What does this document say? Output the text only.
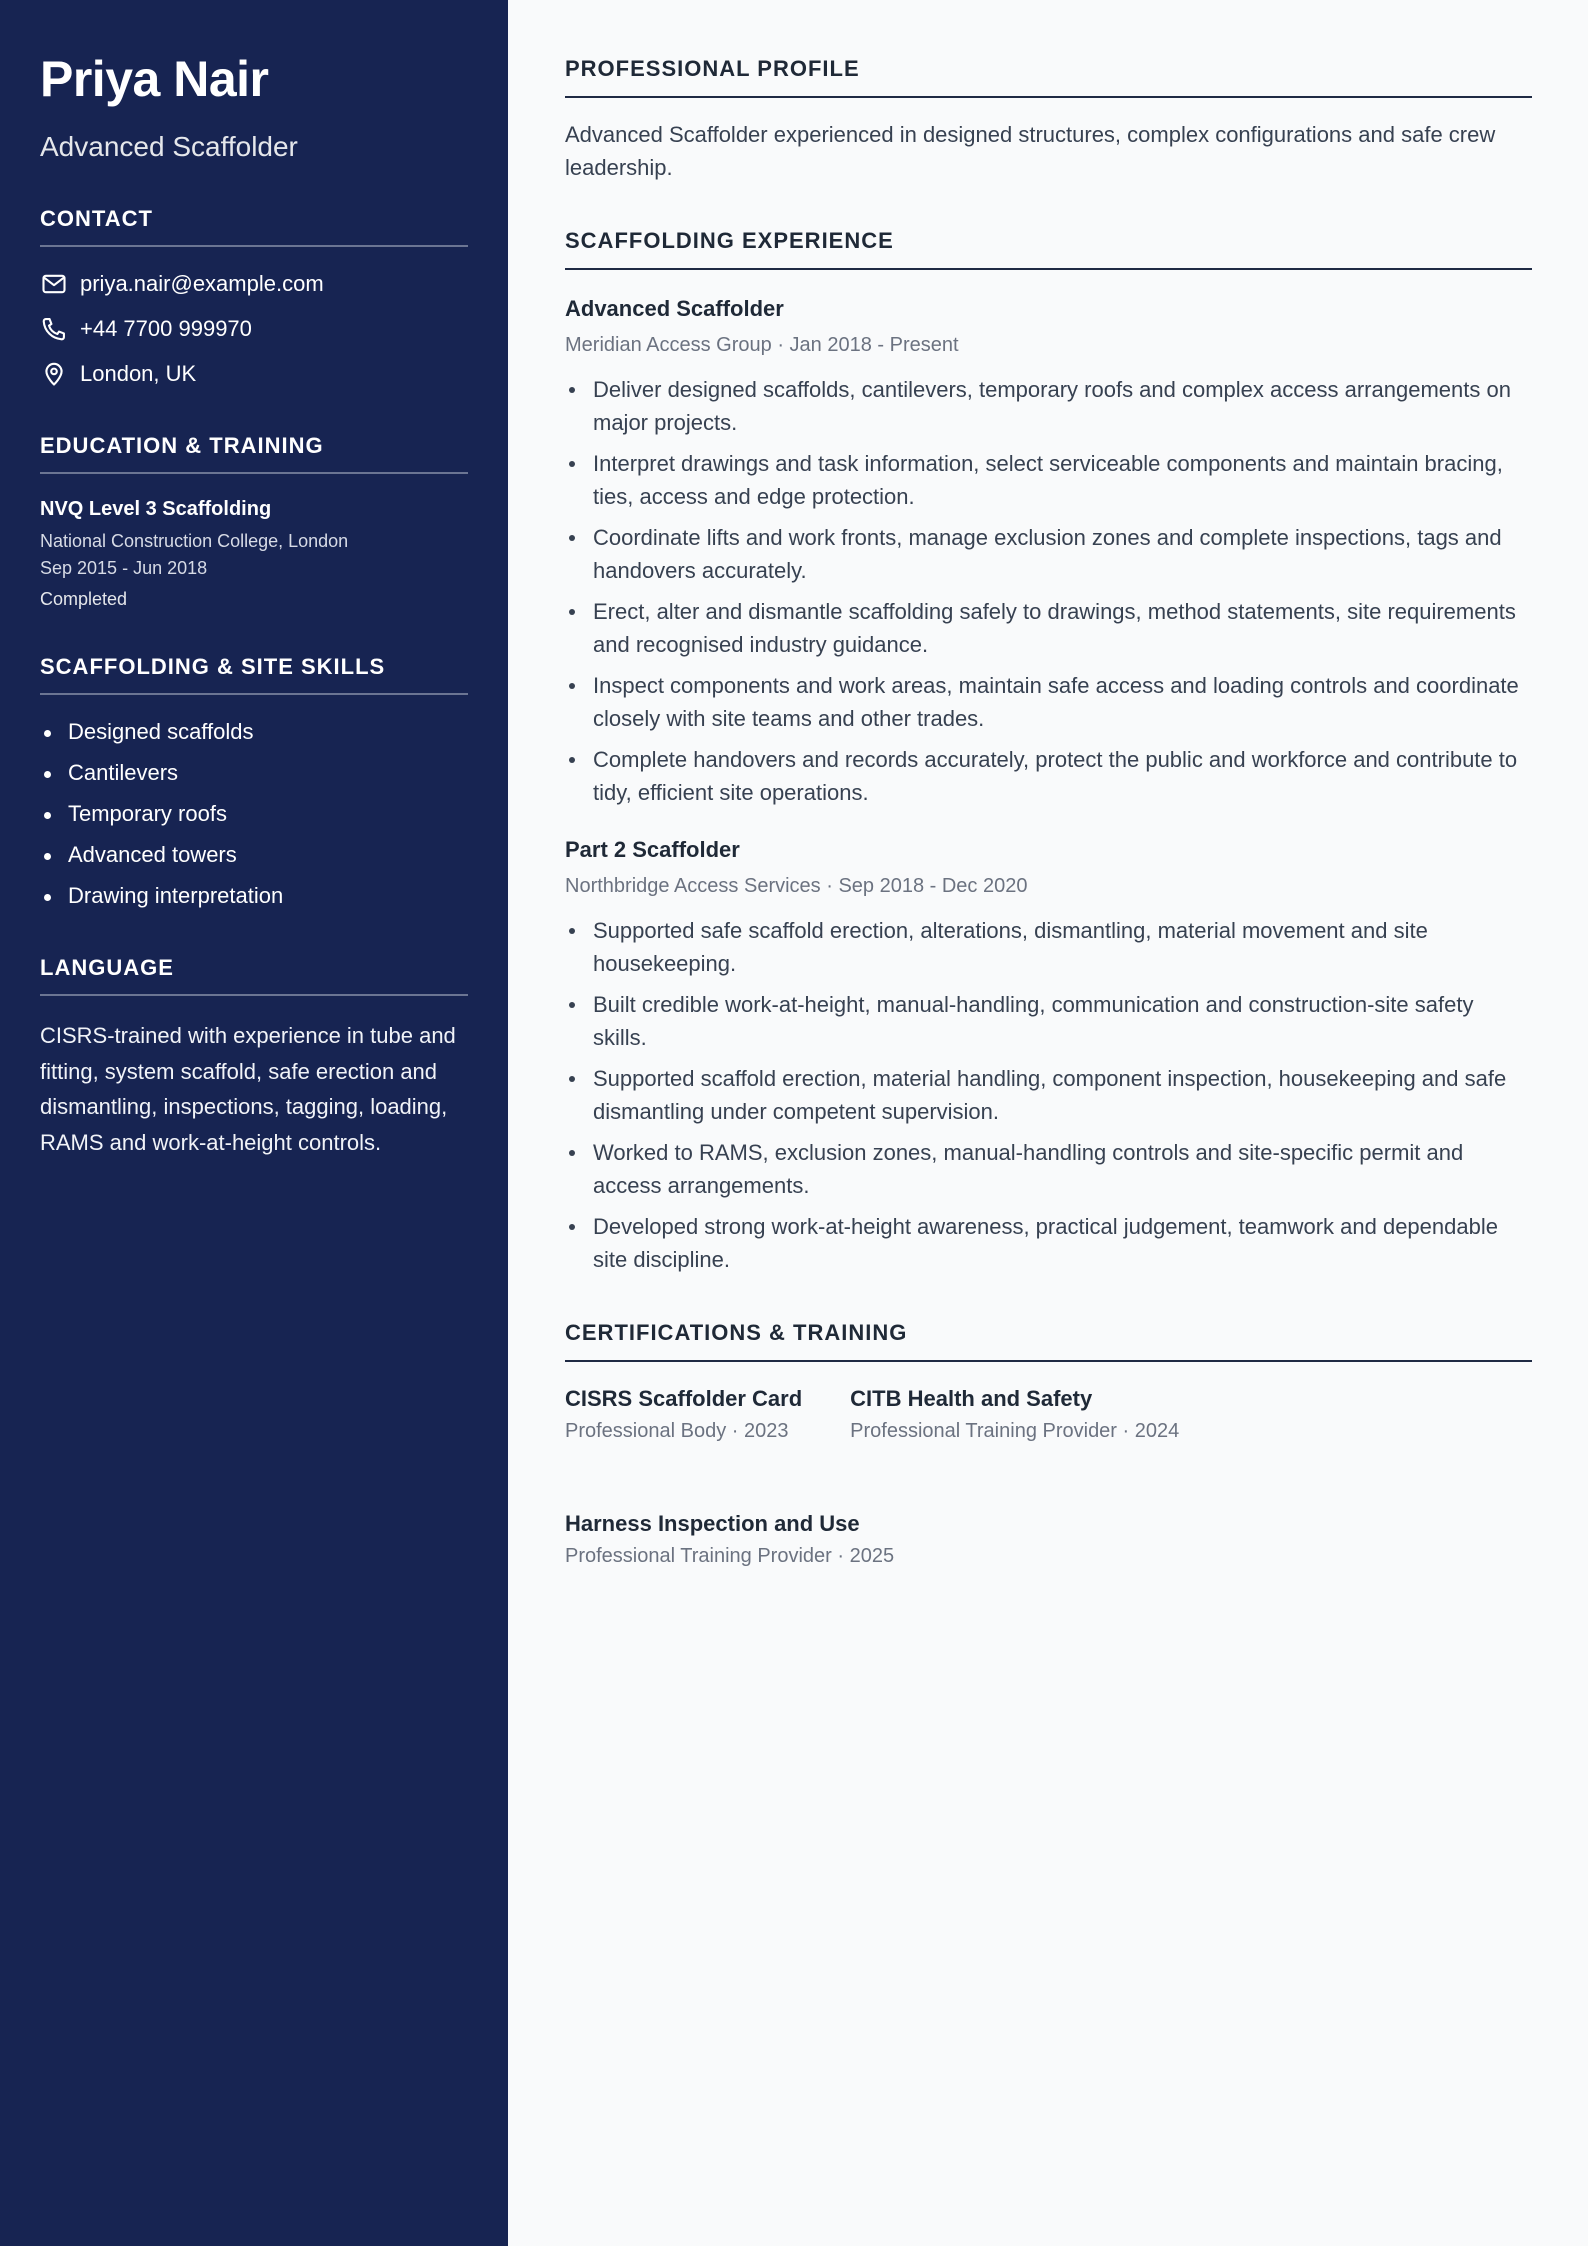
Priya Nair
Advanced Scaffolder
CONTACT
priya.nair@example.com
+44 7700 999970
London, UK
EDUCATION & TRAINING
NVQ Level 3 Scaffolding
National Construction College, London
Sep 2015 - Jun 2018
Completed
SCAFFOLDING & SITE SKILLS
Designed scaffolds
Cantilevers
Temporary roofs
Advanced towers
Drawing interpretation
LANGUAGE

CISRS-trained with experience in tube and fitting, system scaffold, safe erection and dismantling, inspections, tagging, loading, RAMS and work-at-height controls.

PROFESSIONAL PROFILE

Advanced Scaffolder experienced in designed structures, complex configurations and safe crew leadership.

SCAFFOLDING EXPERIENCE
Advanced Scaffolder
Meridian Access Group · Jan 2018 - Present
Deliver designed scaffolds, cantilevers, temporary roofs and complex access arrangements on major projects.
Interpret drawings and task information, select serviceable components and maintain bracing, ties, access and edge protection.
Coordinate lifts and work fronts, manage exclusion zones and complete inspections, tags and handovers accurately.
Erect, alter and dismantle scaffolding safely to drawings, method statements, site requirements and recognised industry guidance.
Inspect components and work areas, maintain safe access and loading controls and coordinate closely with site teams and other trades.
Complete handovers and records accurately, protect the public and workforce and contribute to tidy, efficient site operations.
Part 2 Scaffolder
Northbridge Access Services · Sep 2018 - Dec 2020
Supported safe scaffold erection, alterations, dismantling, material movement and site housekeeping.
Built credible work-at-height, manual-handling, communication and construction-site safety skills.
Supported scaffold erection, material handling, component inspection, housekeeping and safe dismantling under competent supervision.
Worked to RAMS, exclusion zones, manual-handling controls and site-specific permit and access arrangements.
Developed strong work-at-height awareness, practical judgement, teamwork and dependable site discipline.
CERTIFICATIONS & TRAINING
CISRS Scaffolder Card
Professional Body · 2023
CITB Health and Safety
Professional Training Provider · 2024
Harness Inspection and Use
Professional Training Provider · 2025
